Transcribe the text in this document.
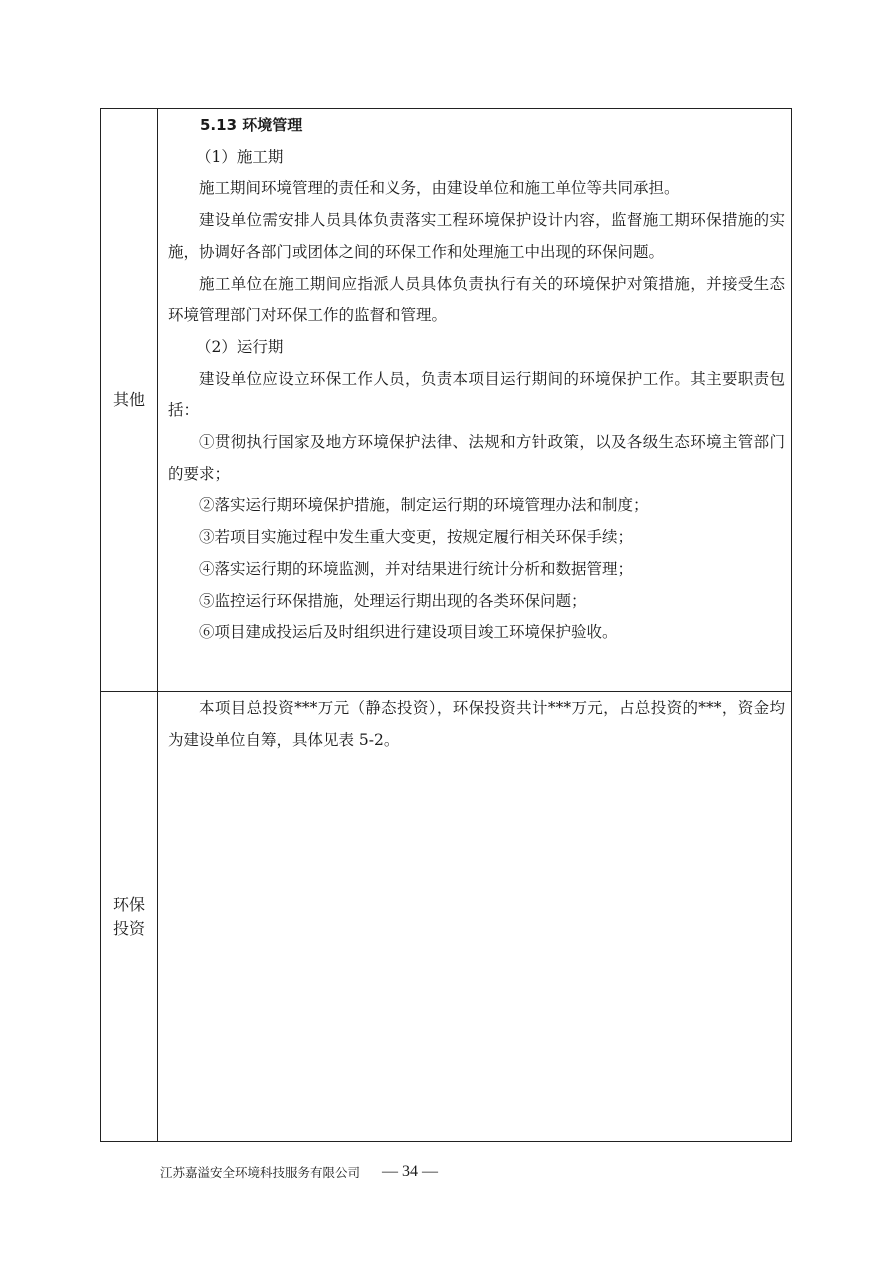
其他

5.13 环境管理

（1）施工期

施工期间环境管理的责任和义务，由建设单位和施工单位等共同承担。

建设单位需安排人员具体负责落实工程环境保护设计内容，监督施工期环保措施的实施，协调好各部门或团体之间的环保工作和处理施工中出现的环保问题。

施工单位在施工期间应指派人员具体负责执行有关的环境保护对策措施，并接受生态环境管理部门对环保工作的监督和管理。

（2）运行期

建设单位应设立环保工作人员，负责本项目运行期间的环境保护工作。其主要职责包括：

①贯彻执行国家及地方环境保护法律、法规和方针政策，以及各级生态环境主管部门的要求；

②落实运行期环境保护措施，制定运行期的环境管理办法和制度；

③若项目实施过程中发生重大变更，按规定履行相关环保手续；

④落实运行期的环境监测，并对结果进行统计分析和数据管理；

⑤监控运行环保措施，处理运行期出现的各类环保问题；

⑥项目建成投运后及时组织进行建设项目竣工环境保护验收。

环保
投资

本项目总投资***万元（静态投资），环保投资共计***万元，占总投资的***，资金均为建设单位自筹，具体见表 5-2。

江苏嘉溢安全环境科技服务有限公司 — 34 —
